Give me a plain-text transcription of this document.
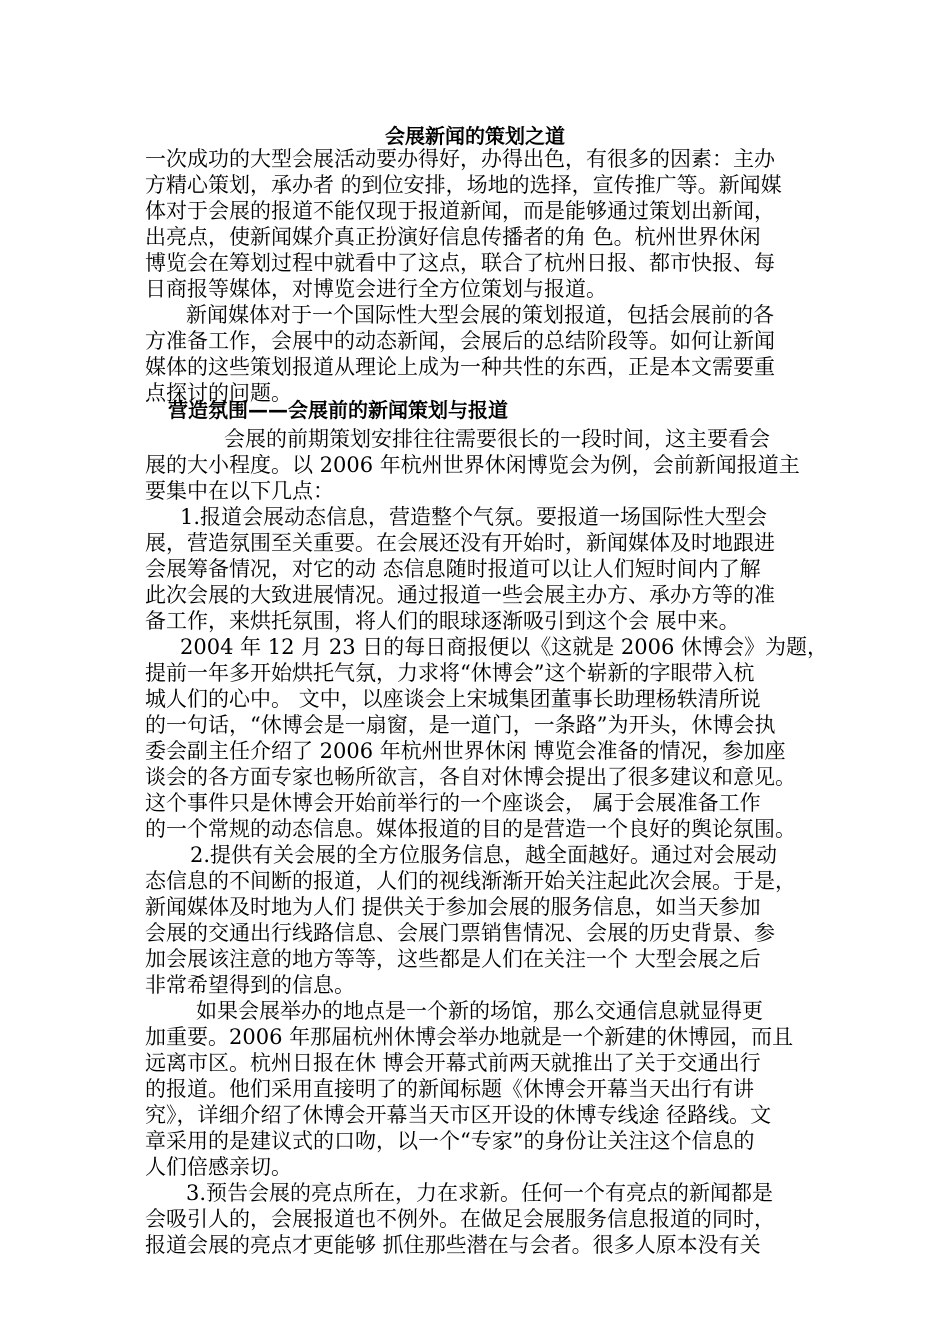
会展新闻的策划之道
营造氛围——会展前的新闻策划与报道
一次成功的大型会展活动要办得好，办得出色，有很多的因素：主办
方精心策划，承办者 的到位安排，场地的选择，宣传推广等。新闻媒
体对于会展的报道不能仅现于报道新闻，而是能够通过策划出新闻，
出亮点，使新闻媒介真正扮演好信息传播者的角 色。杭州世界休闲
博览会在筹划过程中就看中了这点，联合了杭州日报、都市快报、每
日商报等媒体，对博览会进行全方位策划与报道。
新闻媒体对于一个国际性大型会展的策划报道，包括会展前的各
方准备工作，会展中的动态新闻，会展后的总结阶段等。如何让新闻
媒体的这些策划报道从理论上成为一种共性的东西，正是本文需要重
点探讨的问题。
会展的前期策划安排往往需要很长的一段时间，这主要看会
展的大小程度。以 2006 年杭州世界休闲博览会为例，会前新闻报道主
要集中在以下几点：
1.报道会展动态信息，营造整个气氛。要报道一场国际性大型会
展，营造氛围至关重要。在会展还没有开始时，新闻媒体及时地跟进
会展筹备情况，对它的动 态信息随时报道可以让人们短时间内了解
此次会展的大致进展情况。通过报道一些会展主办方、承办方等的准
备工作，来烘托氛围，将人们的眼球逐渐吸引到这个会 展中来。
2004 年 12 月 23 日的每日商报便以《这就是 2006 休博会》为题，
提前一年多开始烘托气氛，力求将“休博会”这个崭新的字眼带入杭
城人们的心中。 文中，以座谈会上宋城集团董事长助理杨轶清所说
的一句话，“休博会是一扇窗，是一道门，一条路”为开头，休博会执
委会副主任介绍了 2006 年杭州世界休闲 博览会准备的情况，参加座
谈会的各方面专家也畅所欲言，各自对休博会提出了很多建议和意见。
这个事件只是休博会开始前举行的一个座谈会， 属于会展准备工作
的一个常规的动态信息。媒体报道的目的是营造一个良好的舆论氛围。
2.提供有关会展的全方位服务信息，越全面越好。通过对会展动
态信息的不间断的报道，人们的视线渐渐开始关注起此次会展。于是，
新闻媒体及时地为人们 提供关于参加会展的服务信息，如当天参加
会展的交通出行线路信息、会展门票销售情况、会展的历史背景、参
加会展该注意的地方等等，这些都是人们在关注一个 大型会展之后
非常希望得到的信息。
如果会展举办的地点是一个新的场馆，那么交通信息就显得更
加重要。2006 年那届杭州休博会举办地就是一个新建的休博园，而且
远离市区。杭州日报在休 博会开幕式前两天就推出了关于交通出行
的报道。他们采用直接明了的新闻标题《休博会开幕当天出行有讲
究》，详细介绍了休博会开幕当天市区开设的休博专线途 径路线。文
章采用的是建议式的口吻，以一个“专家”的身份让关注这个信息的
人们倍感亲切。
3.预告会展的亮点所在，力在求新。任何一个有亮点的新闻都是
会吸引人的，会展报道也不例外。在做足会展服务信息报道的同时，
报道会展的亮点才更能够 抓住那些潜在与会者。很多人原本没有关
